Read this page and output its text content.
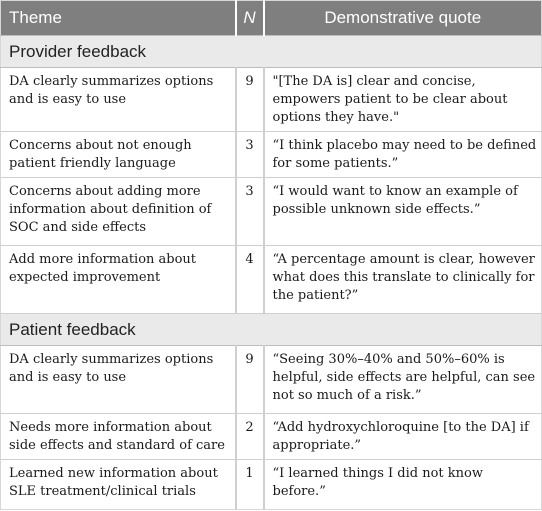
Theme	N	Demonstrative quote
Provider feedback		
DA clearly summarizes options and is easy to use	9	"[The DA is] clear and concise, empowers patient to be clear about options they have."
Concerns about not enough patient friendly language	3	“I think placebo may need to be defined for some patients.”
Concerns about adding more information about definition of SOC and side effects	3	“I would want to know an example of possible unknown side effects.”
Add more information about expected improvement	4	“A percentage amount is clear, however what does this translate to clinically for the patient?”
Patient feedback		
DA clearly summarizes options and is easy to use	9	“Seeing 30%–40% and 50%–60% is helpful, side effects are helpful, can see not so much of a risk.”
Needs more information about side effects and standard of care	2	“Add hydroxychloroquine [to the DA] if appropriate.”
Learned new information about SLE treatment/clinical trials	1	“I learned things I did not know before.”
